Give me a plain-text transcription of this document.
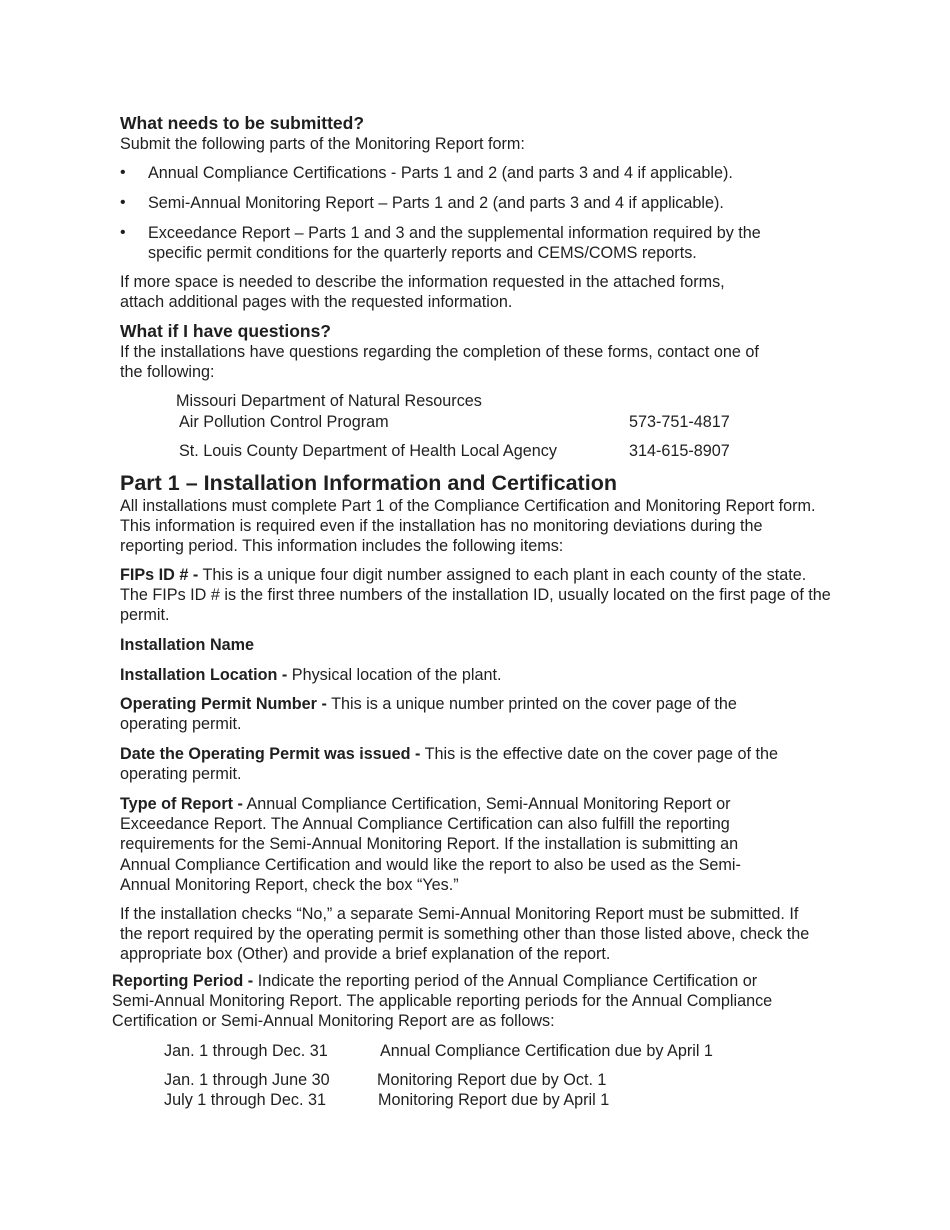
What needs to be submitted?
Submit the following parts of the Monitoring Report form:
• Annual Compliance Certifications - Parts 1 and 2 (and parts 3 and 4 if applicable).
• Semi-Annual Monitoring Report – Parts 1 and 2 (and parts 3 and 4 if applicable).
• Exceedance Report – Parts 1 and 3 and the supplemental information required by the specific permit conditions for the quarterly reports and CEMS/COMS reports.
If more space is needed to describe the information requested in the attached forms, attach additional pages with the requested information.
What if I have questions?
If the installations have questions regarding the completion of these forms, contact one of the following:
Missouri Department of Natural Resources
Air Pollution Control Program	573-751-4817
St. Louis County Department of Health Local Agency	314-615-8907
Part 1 – Installation Information and Certification
All installations must complete Part 1 of the Compliance Certification and Monitoring Report form. This information is required even if the installation has no monitoring deviations during the reporting period. This information includes the following items:
FIPs ID # - This is a unique four digit number assigned to each plant in each county of the state. The FIPs ID # is the first three numbers of the installation ID, usually located on the first page of the permit.
Installation Name
Installation Location - Physical location of the plant.
Operating Permit Number - This is a unique number printed on the cover page of the operating permit.
Date the Operating Permit was issued - This is the effective date on the cover page of the operating permit.
Type of Report - Annual Compliance Certification, Semi-Annual Monitoring Report or Exceedance Report. The Annual Compliance Certification can also fulfill the reporting requirements for the Semi-Annual Monitoring Report. If the installation is submitting an Annual Compliance Certification and would like the report to also be used as the Semi-Annual Monitoring Report, check the box “Yes.”
If the installation checks “No,” a separate Semi-Annual Monitoring Report must be submitted. If the report required by the operating permit is something other than those listed above, check the appropriate box (Other) and provide a brief explanation of the report.
Reporting Period - Indicate the reporting period of the Annual Compliance Certification or Semi-Annual Monitoring Report. The applicable reporting periods for the Annual Compliance Certification or Semi-Annual Monitoring Report are as follows:
Jan. 1 through Dec. 31	Annual Compliance Certification due by April 1
Jan. 1 through June 30	Monitoring Report due by Oct. 1
July 1 through Dec. 31	Monitoring Report due by April 1
